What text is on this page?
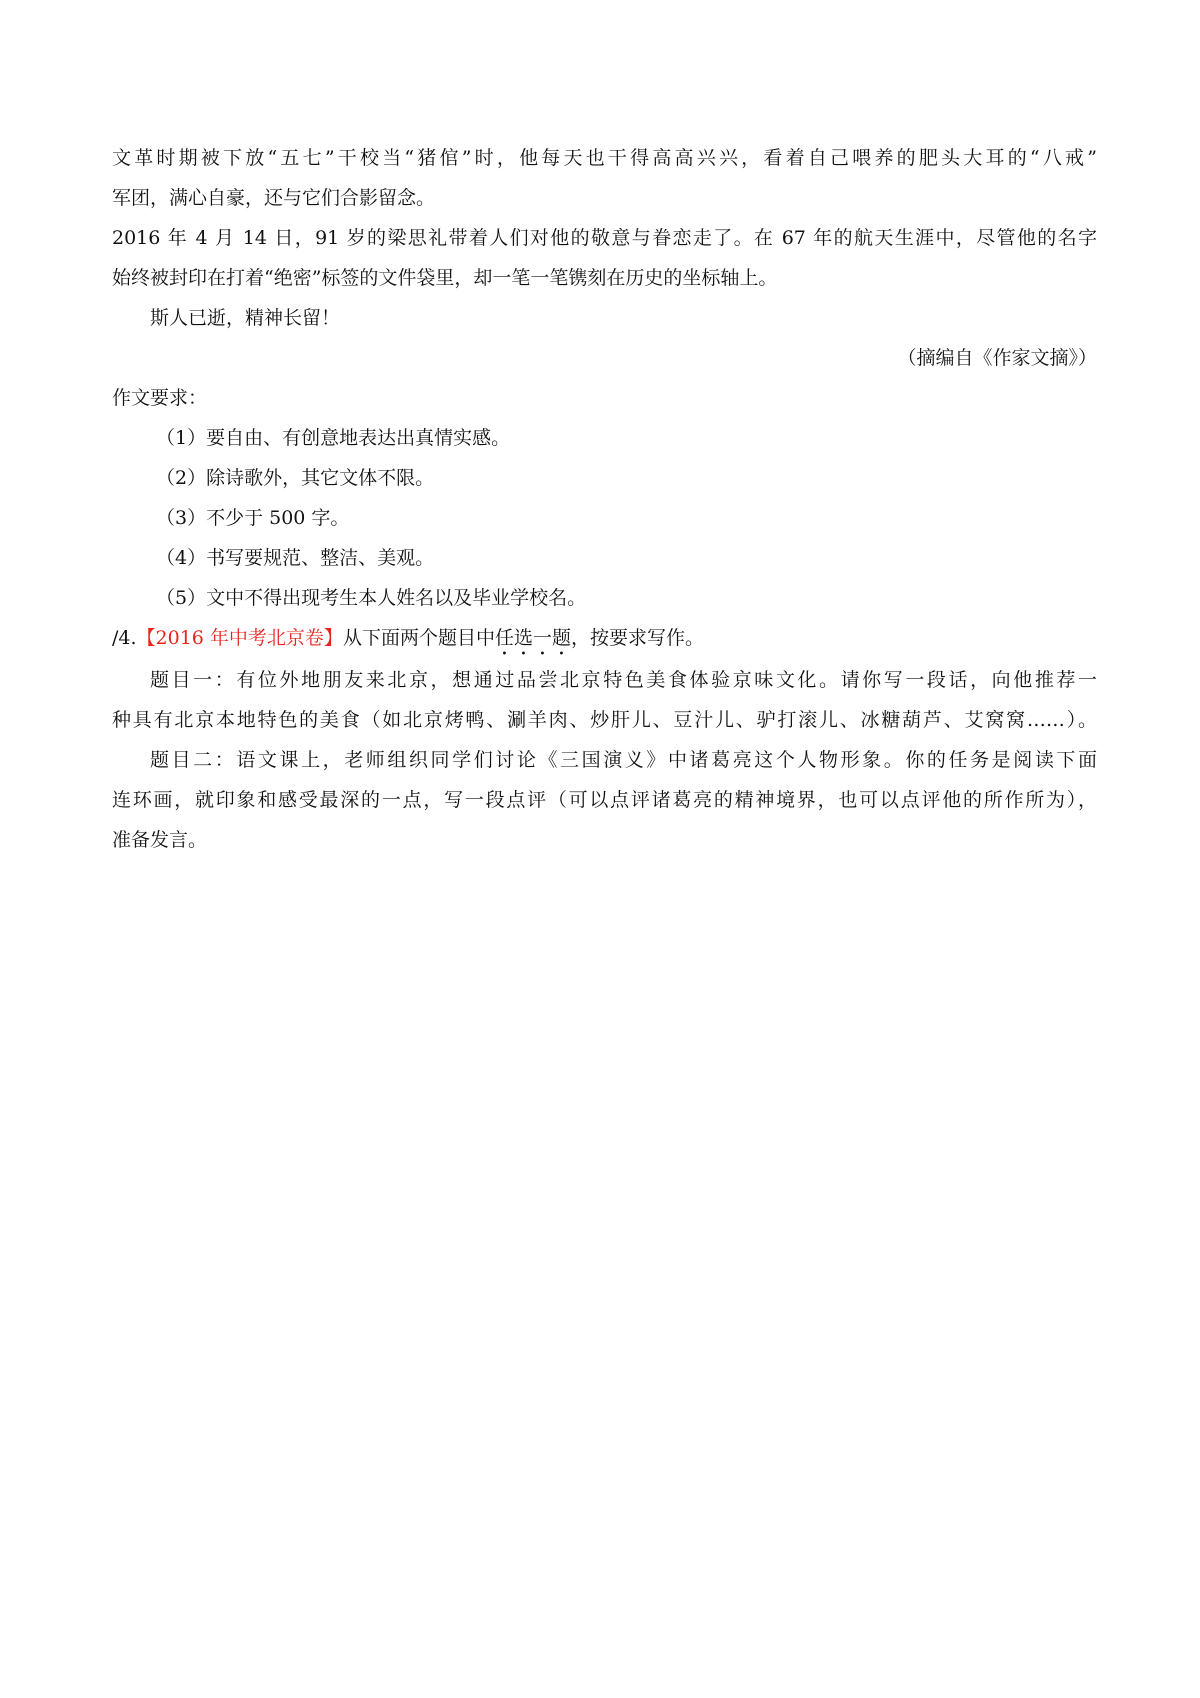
文革时期被下放“五七”干校当“猪倌”时，他每天也干得高高兴兴，看着自己喂养的肥头大耳的“八戒”
军团，满心自豪，还与它们合影留念。
2016 年 4 月 14 日，91 岁的梁思礼带着人们对他的敬意与眷恋走了。在 67 年的航天生涯中，尽管他的名字
始终被封印在打着“绝密”标签的文件袋里，却一笔一笔镌刻在历史的坐标轴上。
斯人已逝，精神长留！
（摘编自《作家文摘》）
作文要求：
（1）要自由、有创意地表达出真情实感。
（2）除诗歌外，其它文体不限。
（3）不少于 500 字。
（4）书写要规范、整洁、美观。
（5）文中不得出现考生本人姓名以及毕业学校名。
/4.【2016 年中考北京卷】从下面两个题目中任选一题，按要求写作。
题目一：有位外地朋友来北京，想通过品尝北京特色美食体验京味文化。请你写一段话，向他推荐一
种具有北京本地特色的美食（如北京烤鸭、涮羊肉、炒肝儿、豆汁儿、驴打滚儿、冰糖葫芦、艾窝窝……）。
题目二：语文课上，老师组织同学们讨论《三国演义》中诸葛亮这个人物形象。你的任务是阅读下面
连环画，就印象和感受最深的一点，写一段点评（可以点评诸葛亮的精神境界，也可以点评他的所作所为），
准备发言。
